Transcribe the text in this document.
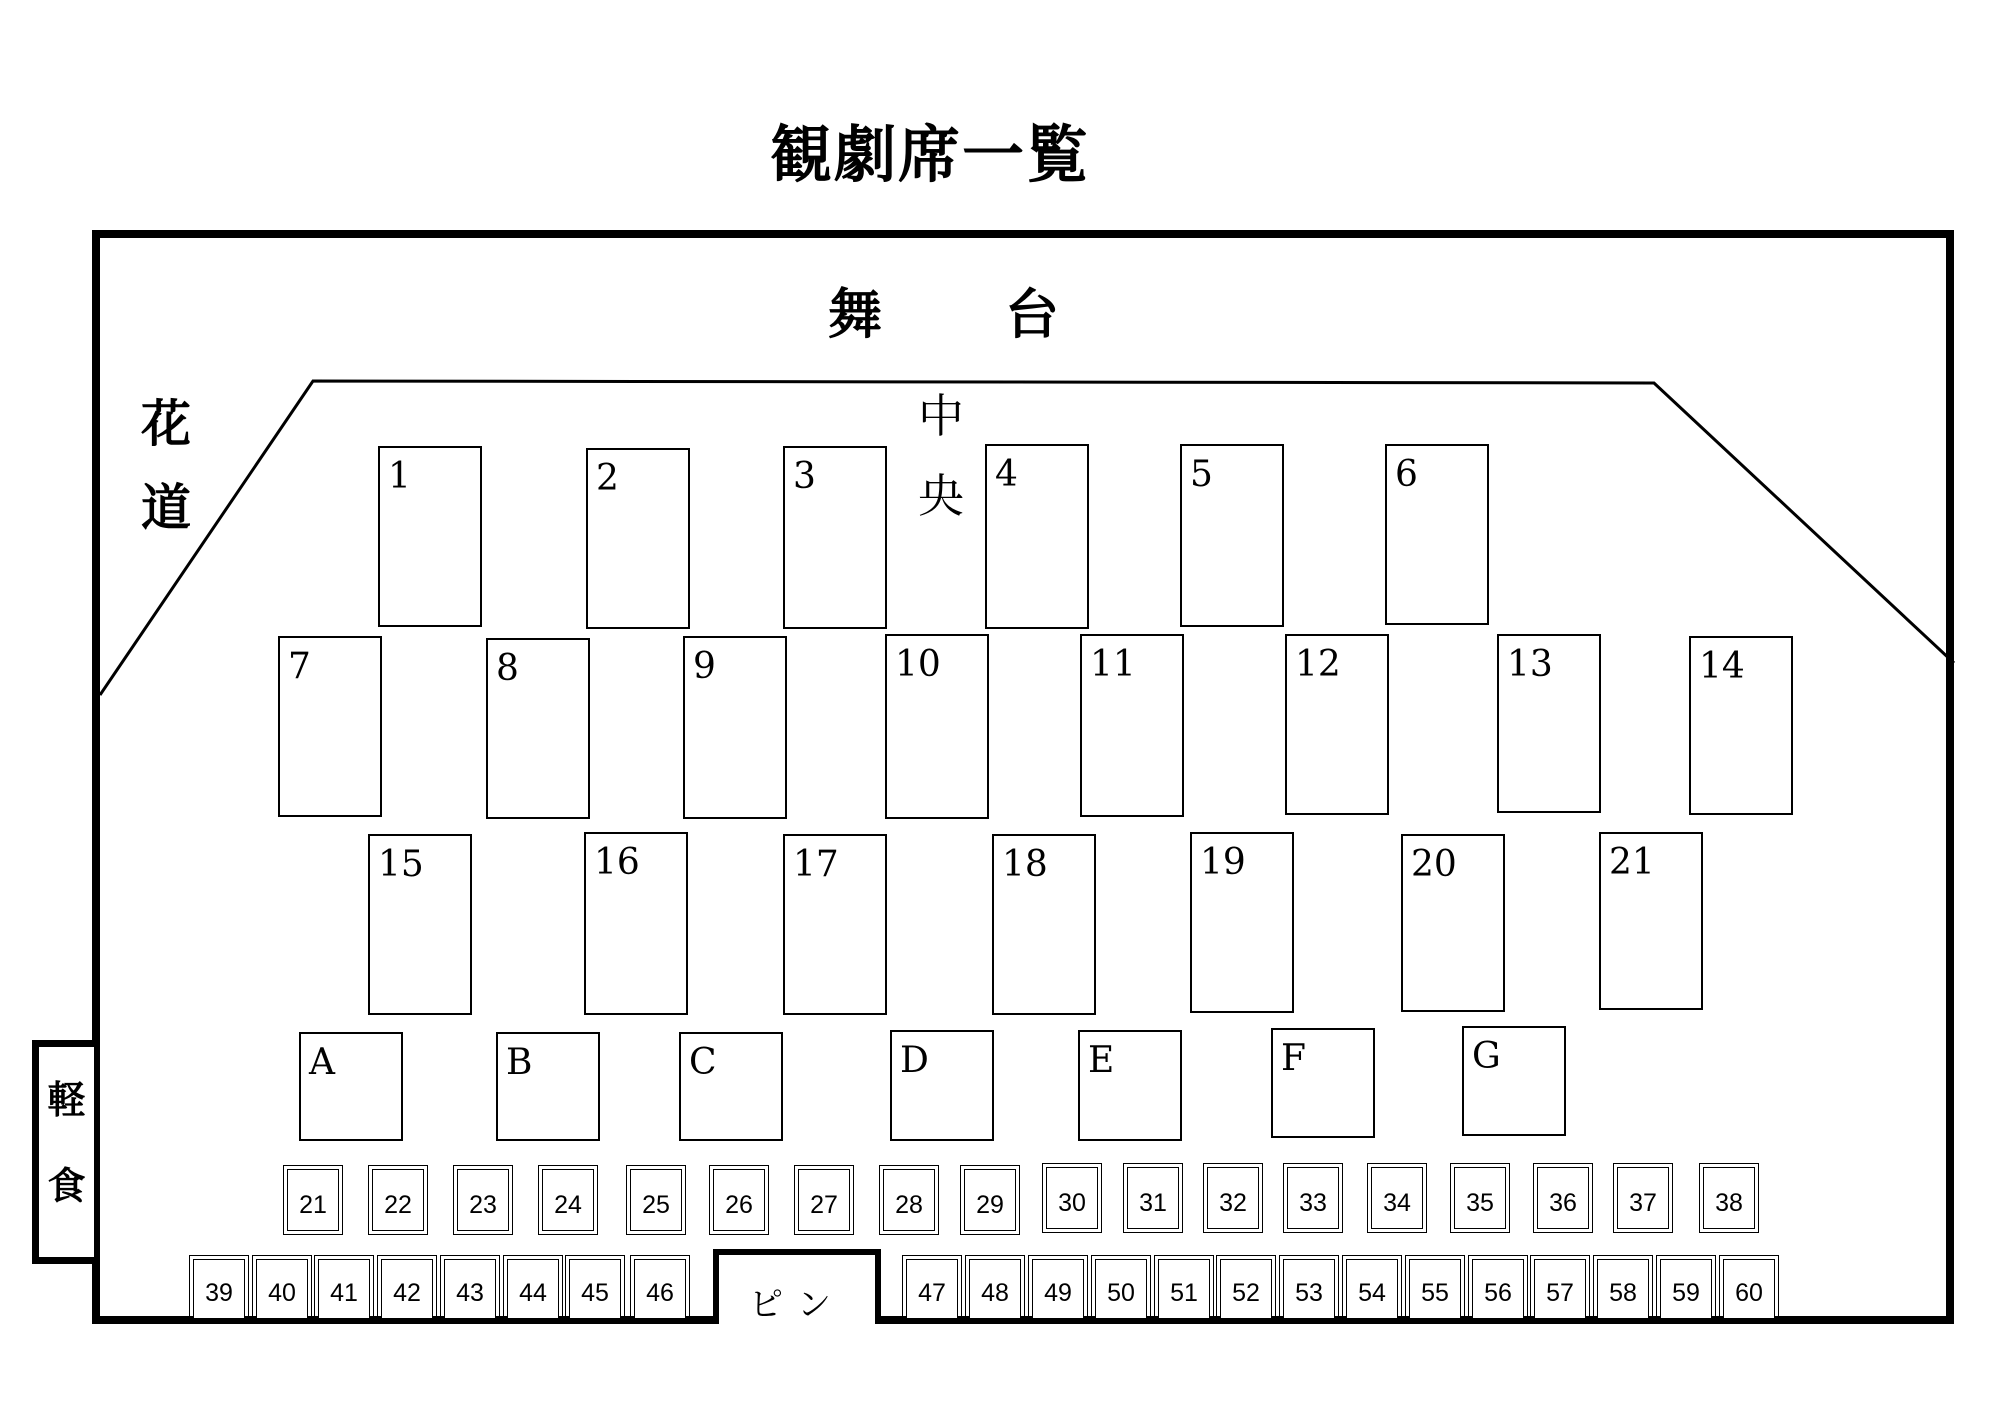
観劇席一覧
舞 台
花
道
中
央
1	2	3	4	5	6
7	8	9	10	11	12	13	14
15	16	17	18	19	20	21
A	B	C	D	E	F	G
21	22	23	24	25	26	27	28	29	30	31	32	33	34	35	36	37	38
39	40	41	42	43	44	45	46	ピン	47	48	49	50	51	52	53	54	55	56	57	58	59	60
軽
食
